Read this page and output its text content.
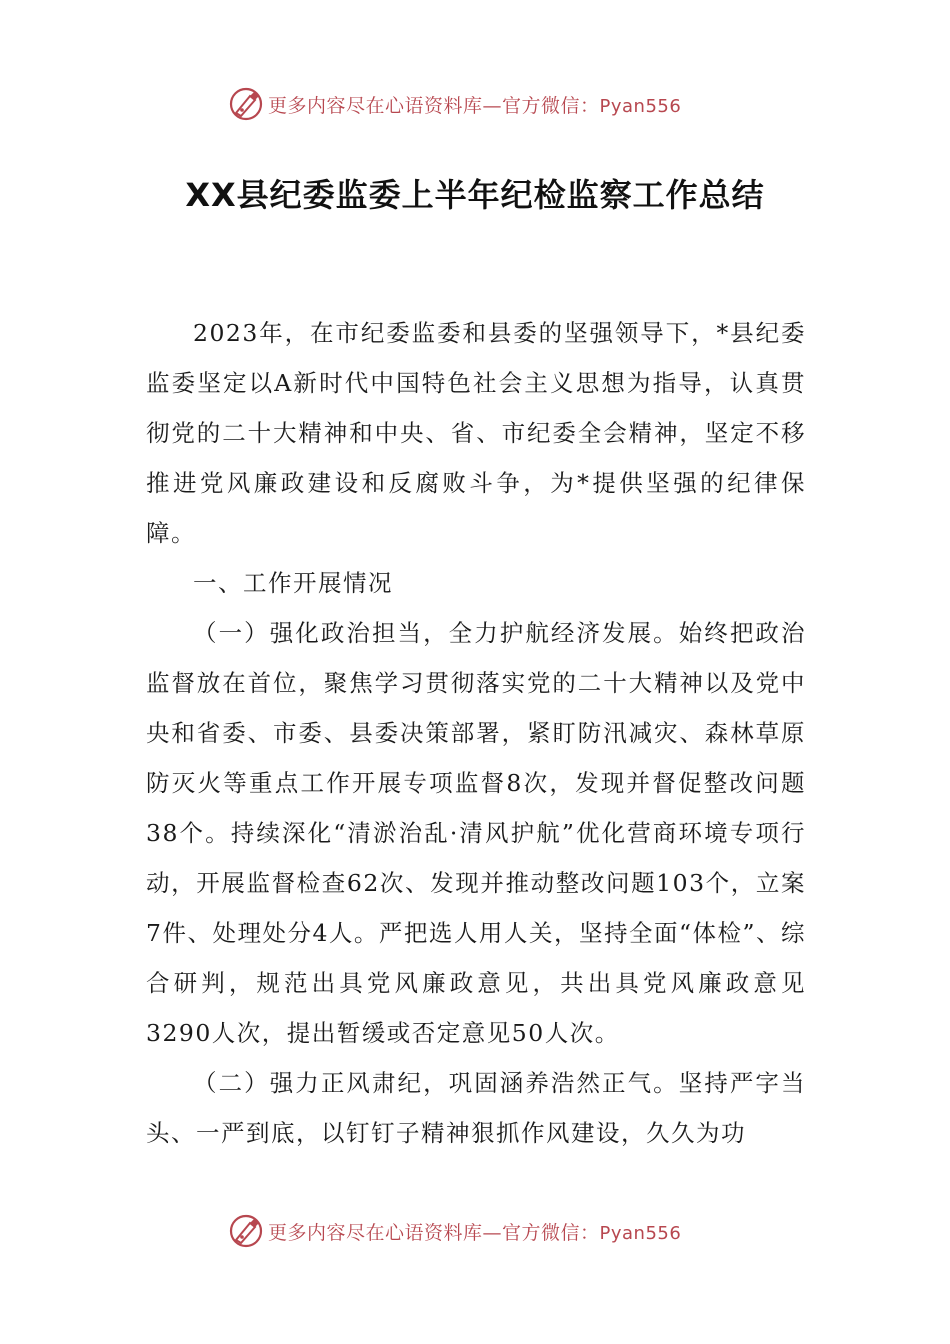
更多内容尽在心语资料库—官方微信：Pyan556
XX县纪委监委上半年纪检监察工作总结

2023年，在市纪委监委和县委的坚强领导下，*县纪委监委坚定以A新时代中国特色社会主义思想为指导，认真贯彻党的二十大精神和中央、省、市纪委全会精神，坚定不移推进党风廉政建设和反腐败斗争，为*提供坚强的纪律保障。

一、工作开展情况

（一）强化政治担当，全力护航经济发展。始终把政治监督放在首位，聚焦学习贯彻落实党的二十大精神以及党中央和省委、市委、县委决策部署，紧盯防汛减灾、森林草原防灭火等重点工作开展专项监督8次，发现并督促整改问题38个。持续深化“清淤治乱·清风护航”优化营商环境专项行动，开展监督检查62次、发现并推动整改问题103个，立案7件、处理处分4人。严把选人用人关，坚持全面“体检”、综合研判，规范出具党风廉政意见，共出具党风廉政意见3290人次，提出暂缓或否定意见50人次。

（二）强力正风肃纪，巩固涵养浩然正气。坚持严字当头、一严到底，以钉钉子精神狠抓作风建设，久久为功

更多内容尽在心语资料库—官方微信：Pyan556
